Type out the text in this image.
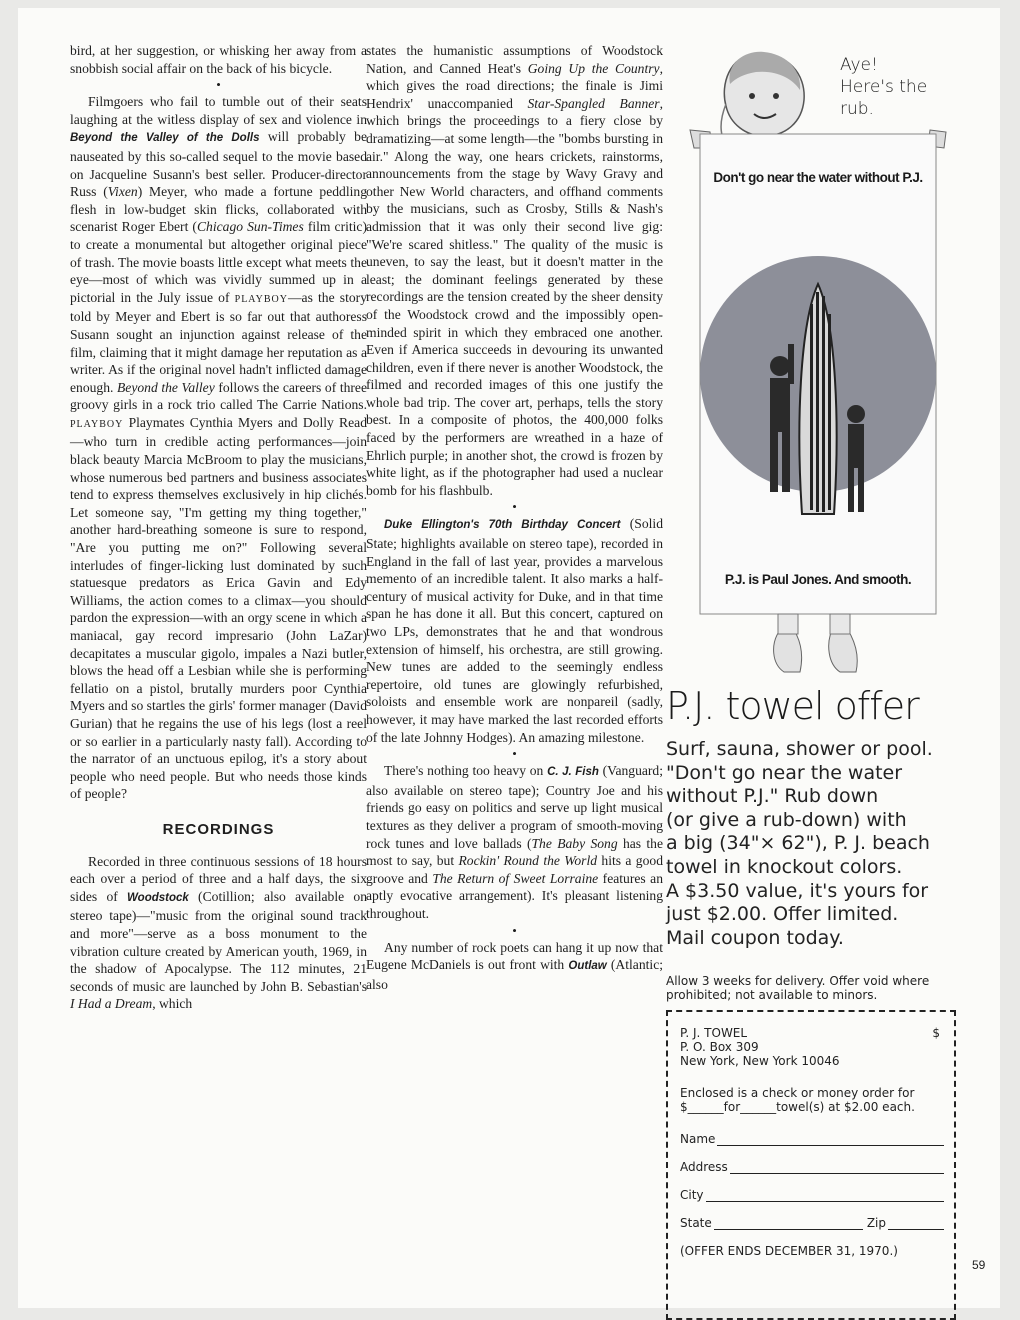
bird, at her suggestion, or whisking her away from a snobbish social affair on the back of his bicycle.

•

Filmgoers who fail to tumble out of their seats laughing at the witless display of sex and violence in Beyond the Valley of the Dolls will probably be nauseated by this so-called sequel to the movie based on Jacqueline Susann's best seller. Producer-director Russ (Vixen) Meyer, who made a fortune peddling flesh in low-budget skin flicks, collaborated with scenarist Roger Ebert (Chicago Sun-Times film critic) to create a monumental but altogether original piece of trash. The movie boasts little except what meets the eye—most of which was vividly summed up in a pictorial in the July issue of PLAYBOY—as the story told by Meyer and Ebert is so far out that authoress Susann sought an injunction against release of the film, claiming that it might damage her reputation as a writer. As if the original novel hadn't inflicted damage enough. Beyond the Valley follows the careers of three groovy girls in a rock trio called The Carrie Nations. PLAYBOY Playmates Cynthia Myers and Dolly Read—who turn in credible acting performances—join black beauty Marcia McBroom to play the musicians, whose numerous bed partners and business associates tend to express themselves exclusively in hip clichés. Let someone say, "I'm getting my thing together," another hard-breathing someone is sure to respond, "Are you putting me on?" Following several interludes of finger-licking lust dominated by such statuesque predators as Erica Gavin and Edy Williams, the action comes to a climax—you should pardon the expression—with an orgy scene in which a maniacal, gay record impresario (John LaZar) decapitates a muscular gigolo, impales a Nazi butler, blows the head off a Lesbian while she is performing fellatio on a pistol, brutally murders poor Cynthia Myers and so startles the girls' former manager (David Gurian) that he regains the use of his legs (lost a reel or so earlier in a particularly nasty fall). According to the narrator of an unctuous epilog, it's a story about people who need people. But who needs those kinds of people?

RECORDINGS

Recorded in three continuous sessions of 18 hours each over a period of three and a half days, the six sides of Woodstock (Cotillion; also available on stereo tape)—"music from the original sound track and more"—serve as a boss monument to the vibration culture created by American youth, 1969, in the shadow of Apocalypse. The 112 minutes, 21 seconds of music are launched by John B. Sebastian's I Had a Dream, which

states the humanistic assumptions of Woodstock Nation, and Canned Heat's Going Up the Country, which gives the road directions; the finale is Jimi Hendrix' unaccompanied Star-Spangled Banner, which brings the proceedings to a fiery close by dramatizing—at some length—the "bombs bursting in air." Along the way, one hears crickets, rainstorms, announcements from the stage by Wavy Gravy and other New World characters, and offhand comments by the musicians, such as Crosby, Stills & Nash's admission that it was only their second live gig: "We're scared shitless." The quality of the music is uneven, to say the least, but it doesn't matter in the least; the dominant feelings generated by these recordings are the tension created by the sheer density of the Woodstock crowd and the impossibly open-minded spirit in which they embraced one another. Even if America succeeds in devouring its unwanted children, even if there never is another Woodstock, the filmed and recorded images of this one justify the whole bad trip. The cover art, perhaps, tells the story best. In a composite of photos, the 400,000 folks faced by the performers are wreathed in a haze of Ehrlich purple; in another shot, the crowd is frozen by white light, as if the photographer had used a nuclear bomb for his flashbulb.

•

Duke Ellington's 70th Birthday Concert (Solid State; highlights available on stereo tape), recorded in England in the fall of last year, provides a marvelous memento of an incredible talent. It also marks a half-century of musical activity for Duke, and in that time span he has done it all. But this concert, captured on two LPs, demonstrates that he and that wondrous extension of himself, his orchestra, are still growing. New tunes are added to the seemingly endless repertoire, old tunes are glowingly refurbished, soloists and ensemble work are nonpareil (sadly, however, it may have marked the last recorded efforts of the late Johnny Hodges). An amazing milestone.

•

There's nothing too heavy on C. J. Fish (Vanguard; also available on stereo tape); Country Joe and his friends go easy on politics and serve up light musical textures as they deliver a program of smooth-moving rock tunes and love ballads (The Baby Song has the most to say, but Rockin' Round the World hits a good groove and The Return of Sweet Lorraine features an aptly evocative arrangement). It's pleasant listening throughout.

•

Any number of rock poets can hang it up now that Eugene McDaniels is out front with Outlaw (Atlantic; also

Aye!
Here's the rub.
Don't go near the water without P.J.
P.J. is Paul Jones. And smooth.
P.J. towel offer

Surf, sauna, shower or pool.

"Don't go near the water

without P.J." Rub down

(or give a rub-down) with

a big (34"× 62"), P. J. beach

towel in knockout colors.

A $3.50 value, it's yours for

just $2.00. Offer limited.

Mail coupon today.

Allow 3 weeks for delivery. Offer void where prohibited; not available to minors.
$
P. J. TOWEL
P. O. Box 309
New York, New York 10046
Enclosed is a check or money order for
$______for______towel(s) at $2.00 each.
Name
Address
City
State	Zip
(OFFER ENDS DECEMBER 31, 1970.)
59
